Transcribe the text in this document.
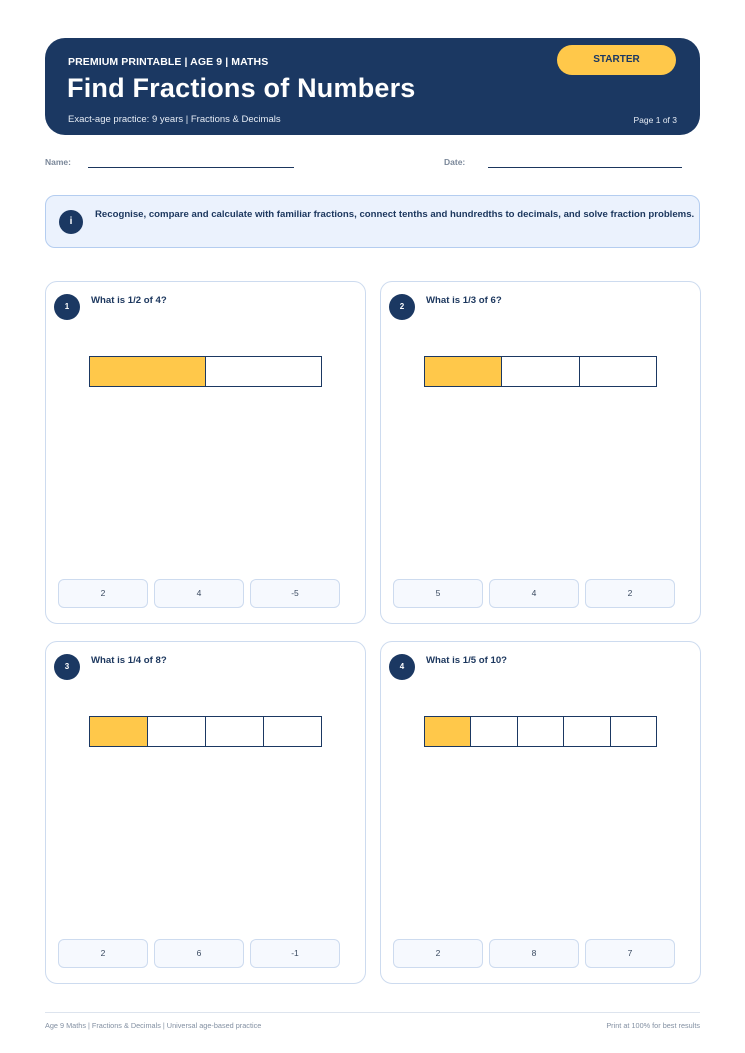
PREMIUM PRINTABLE | AGE 9 | MATHS
Find Fractions of Numbers
Exact-age practice: 9 years | Fractions & Decimals	Page 1 of 3
STARTER
Name:	Date:
i
Recognise, compare and calculate with familiar fractions, connect tenths and hundredths to decimals, and solve fraction problems.
1
What is 1/2 of 4?
2	4	-5
2
What is 1/3 of 6?
5	4	2
3
What is 1/4 of 8?
2	6	-1
4
What is 1/5 of 10?
2	8	7
Age 9 Maths | Fractions & Decimals | Universal age-based practice	Print at 100% for best results
